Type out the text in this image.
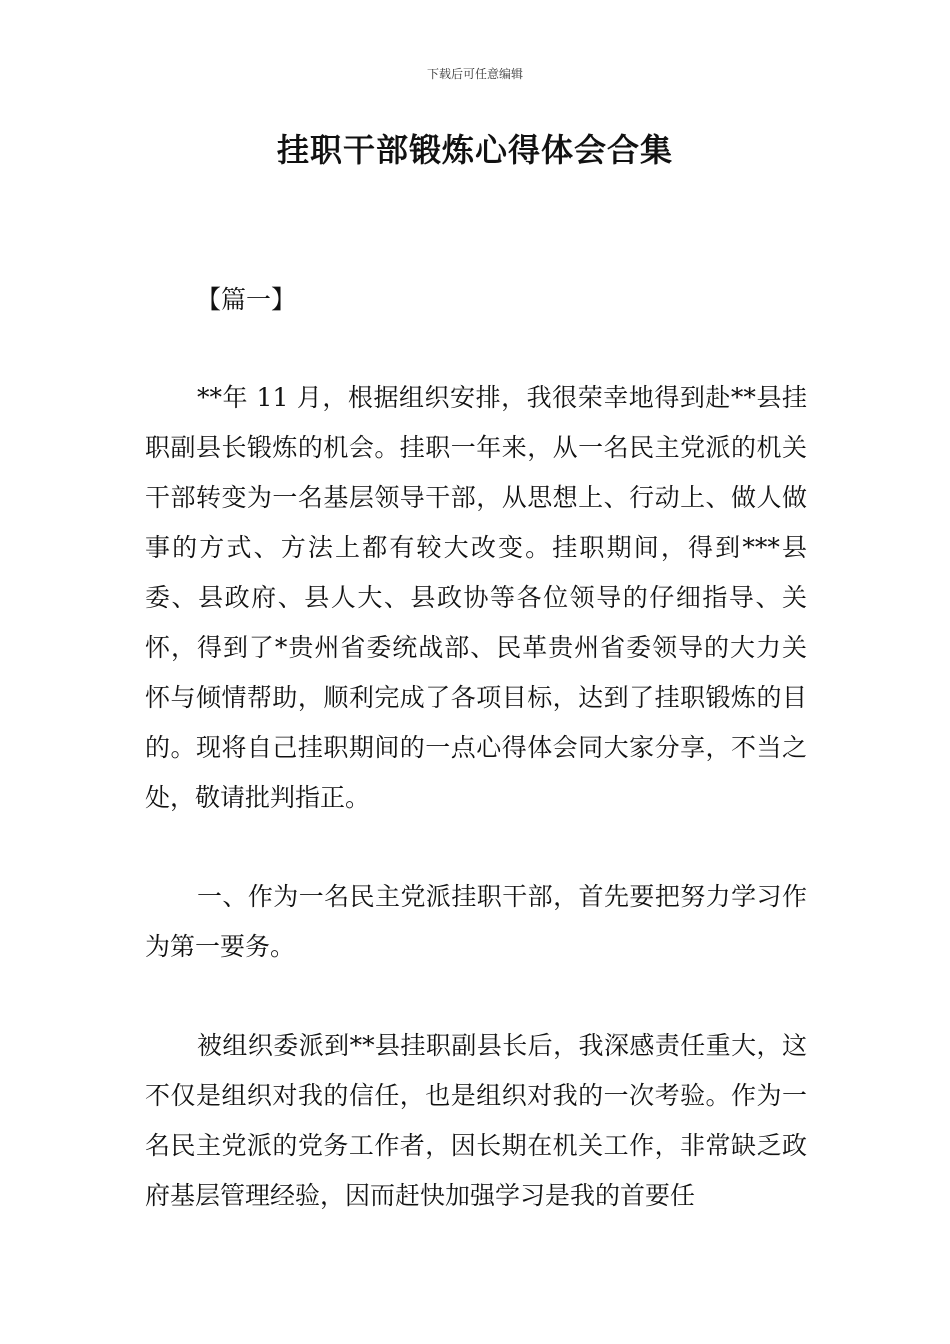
下载后可任意编辑
挂职干部锻炼心得体会合集
【篇一】

**年 11 月，根据组织安排，我很荣幸地得到赴**县挂职副县长锻炼的机会。挂职一年来，从一名民主党派的机关干部转变为一名基层领导干部，从思想上、行动上、做人做事的方式、方法上都有较大改变。挂职期间，得到***县委、县政府、县人大、县政协等各位领导的仔细指导、关怀，得到了*贵州省委统战部、民革贵州省委领导的大力关怀与倾情帮助，顺利完成了各项目标，达到了挂职锻炼的目的。现将自己挂职期间的一点心得体会同大家分享，不当之处，敬请批判指正。

一、作为一名民主党派挂职干部，首先要把努力学习作为第一要务。

被组织委派到**县挂职副县长后，我深感责任重大，这不仅是组织对我的信任，也是组织对我的一次考验。作为一名民主党派的党务工作者，因长期在机关工作，非常缺乏政府基层管理经验，因而赶快加强学习是我的首要任
